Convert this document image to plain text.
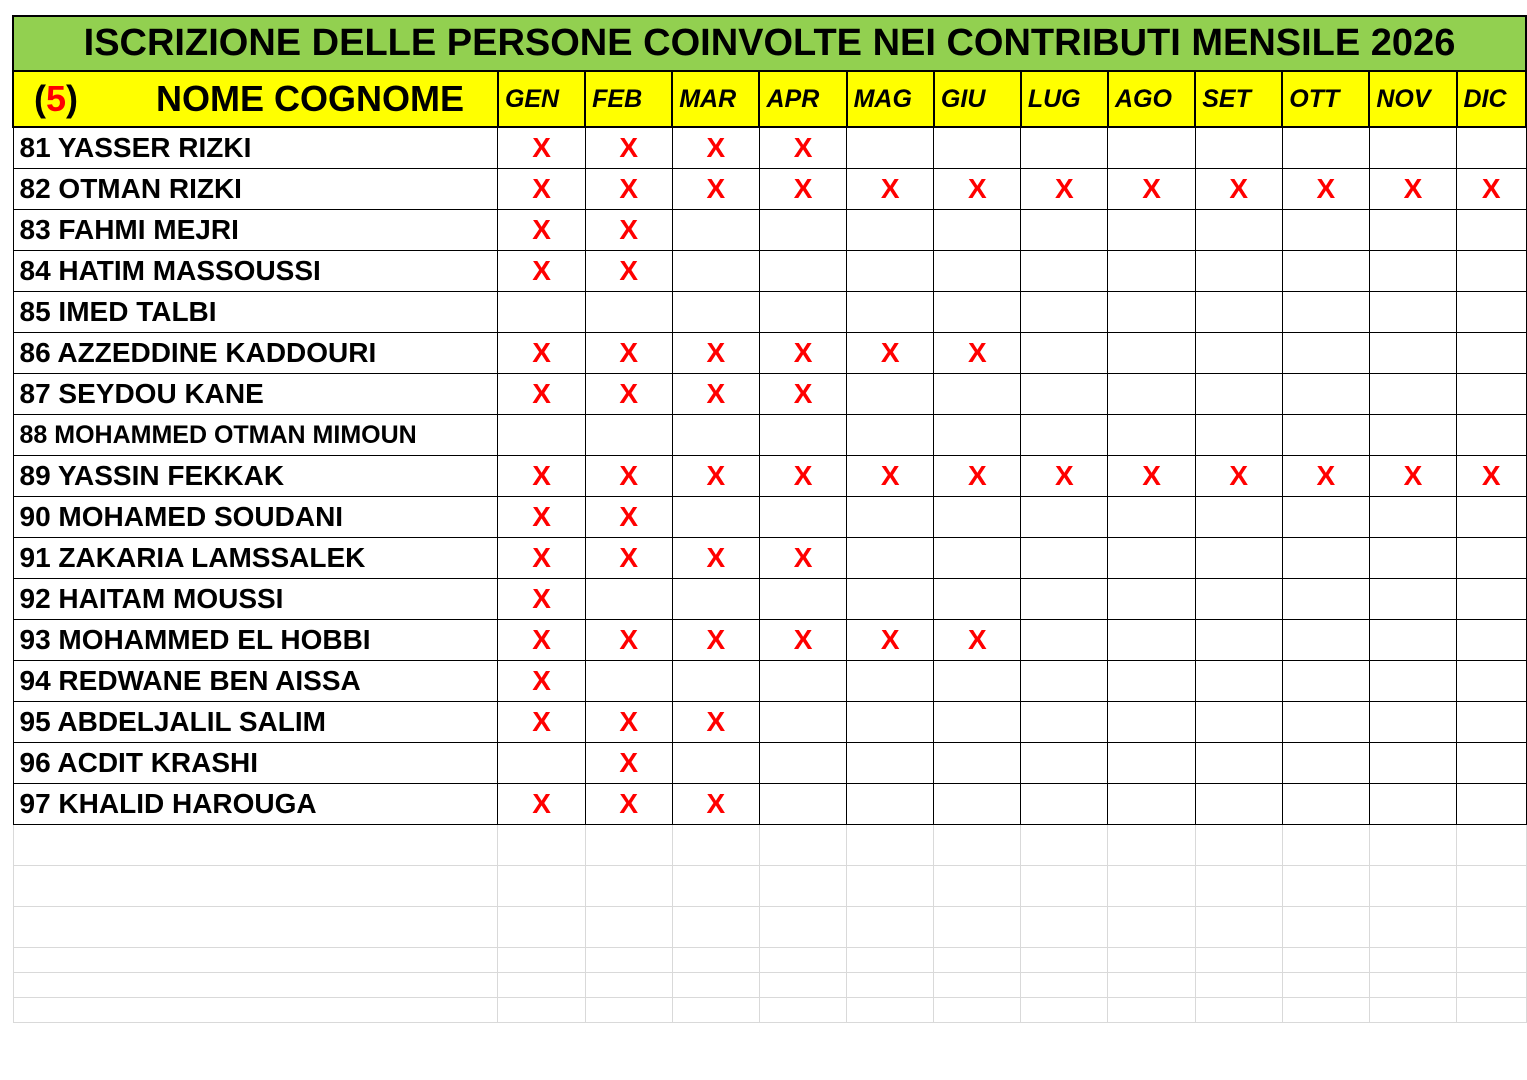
ISCRIZIONE DELLE PERSONE COINVOLTE NEI CONTRIBUTI MENSILE 2026												
(5) NOME COGNOME	GEN	FEB	MAR	APR	MAG	GIU	LUG	AGO	SET	OTT	NOV	DIC
81 YASSER RIZKI	X	X	X	X								
82 OTMAN RIZKI	X	X	X	X	X	X	X	X	X	X	X	X
83 FAHMI MEJRI	X	X										
84 HATIM MASSOUSSI	X	X										
85 IMED TALBI												
86 AZZEDDINE KADDOURI	X	X	X	X	X	X						
87 SEYDOU KANE	X	X	X	X								
88 MOHAMMED OTMAN MIMOUN												
89 YASSIN FEKKAK	X	X	X	X	X	X	X	X	X	X	X	X
90 MOHAMED SOUDANI	X	X										
91 ZAKARIA LAMSSALEK	X	X	X	X								
92 HAITAM MOUSSI	X											
93 MOHAMMED EL HOBBI	X	X	X	X	X	X						
94 REDWANE BEN AISSA	X											
95 ABDELJALIL SALIM	X	X	X									
96 ACDIT KRASHI		X										
97 KHALID HAROUGA	X	X	X									
